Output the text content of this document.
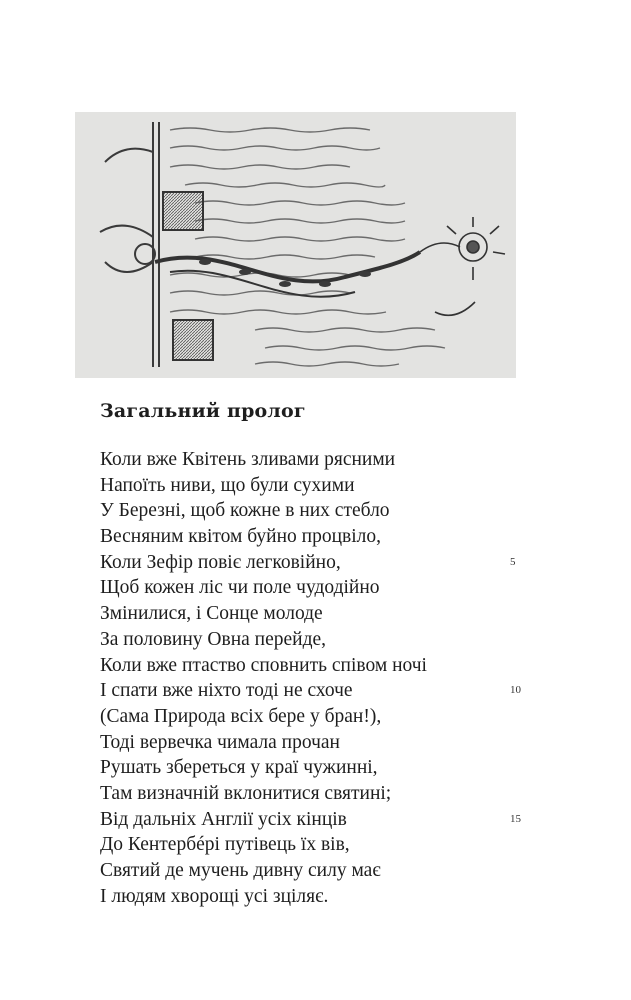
Загальний пролог
Коли вже Квітень зливами рясними
Напоїть ниви, що були сухими
У Березні, щоб кожне в них стебло
Весняним квітом буйно процвіло,
Коли Зефір повіє легковійно,	5
Щоб кожен ліс чи поле чудодійно
Змінилися, і Сонце молоде
За половину Овна перейде,
Коли вже птаство сповнить співом ночі
І спати вже ніхто тоді не схоче	10
(Сама Природа всіх бере у бран!),
Тоді вервечка чимала прочан
Рушать збереться у краї чужинні,
Там визначній вклонитися святині;
Від дальніх Англії усіх кінців	15
До Кентербéрі путівець їх вів,
Святий де мучень дивну силу має
І людям хворощі усі зціляє.
